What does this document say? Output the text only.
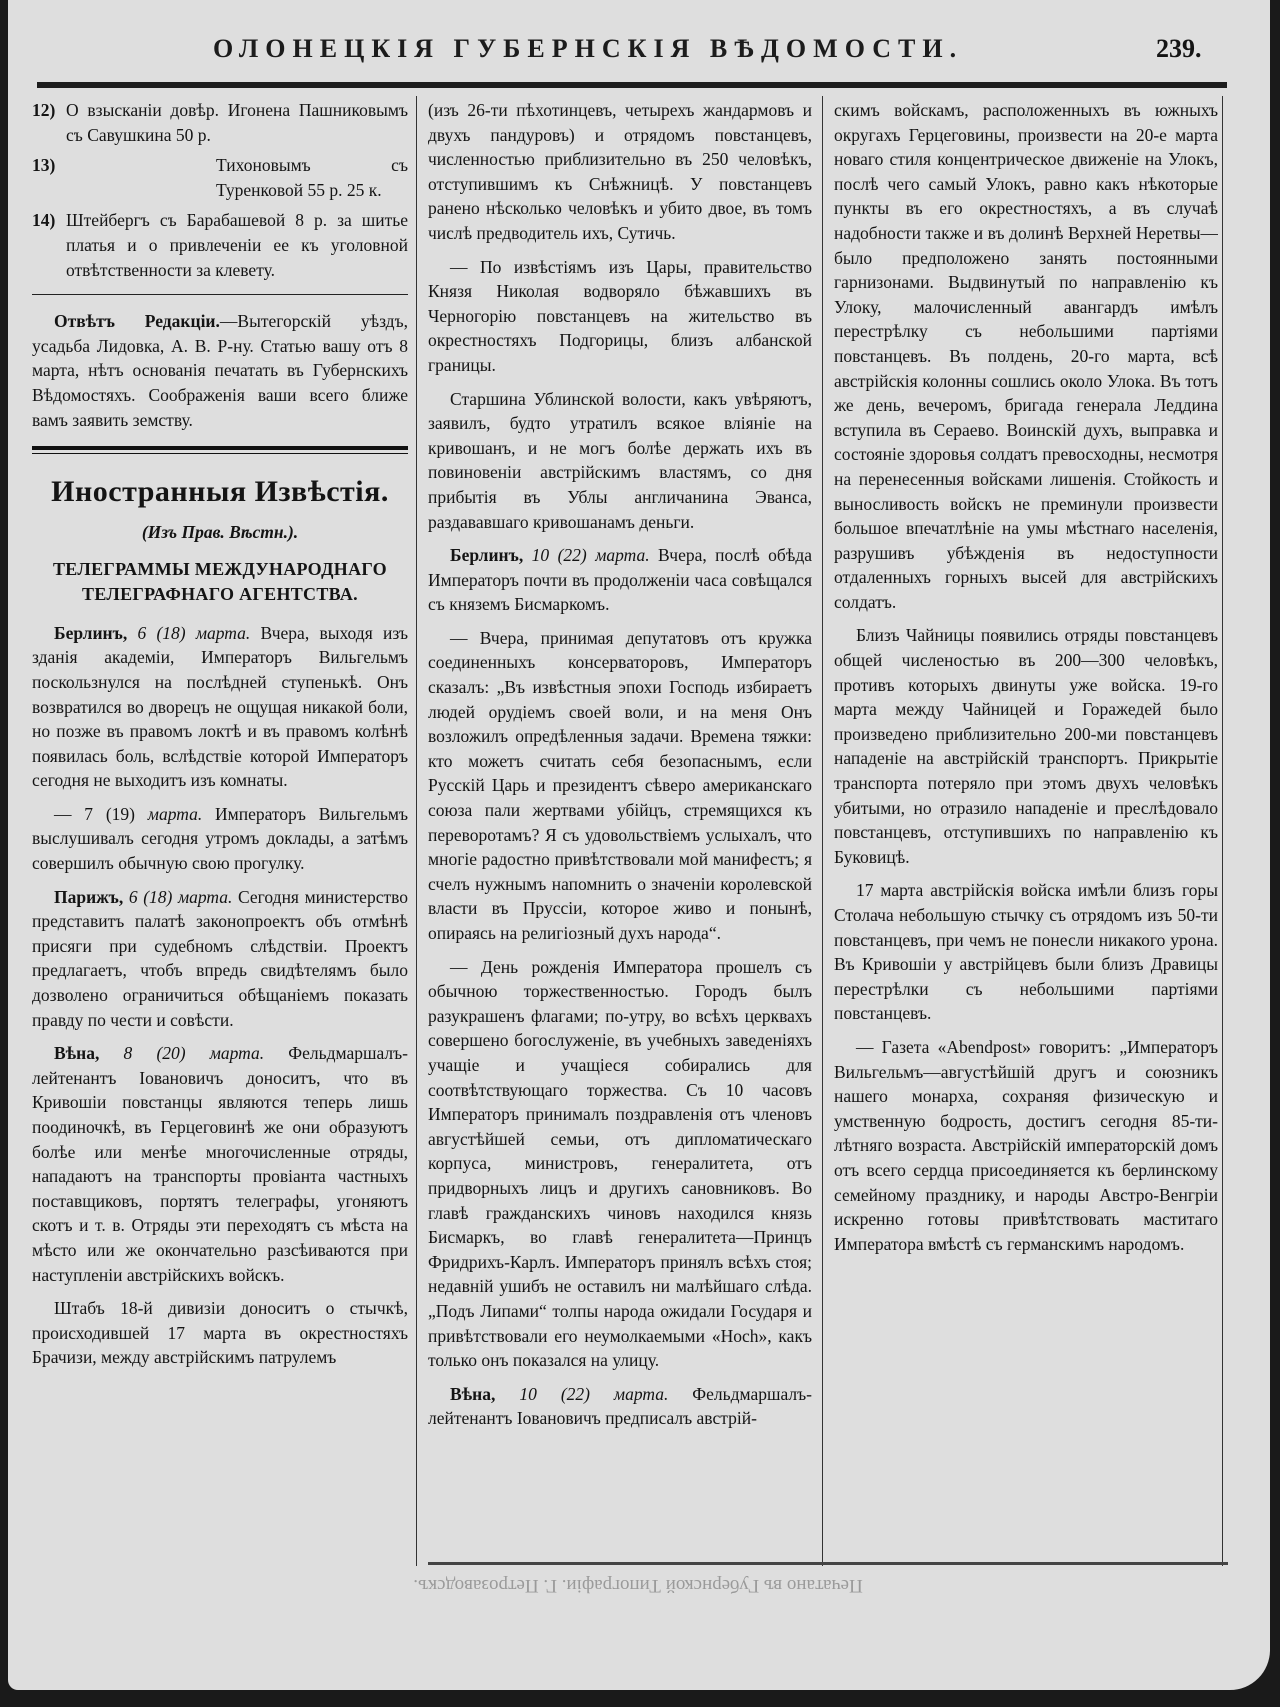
ОЛОНЕЦКІЯ ГУБЕРНСКІЯ ВѢДОМОСТИ.	239.
12) О взысканіи довѣр. Игонена Пашниковымъ съ Савушкина 50 р.
13)	Тихоновымъ съ Туренковой 55 р. 25 к.
14) Штейбергъ съ Барабашевой 8 р. за шитье платья и о привлеченіи ее къ уголовной отвѣтственности за клевету.

Отвѣтъ Редакціи.—Вытегорскій уѣздъ, усадьба Лидовка, А. В. Р-ну. Статью вашу отъ 8 марта, нѣтъ основанія печатать въ Губернскихъ Вѣдомостяхъ. Соображенія ваши всего ближе вамъ заявить земству.

Иностранныя Извѣстія.
(Изъ Прав. Вѣстн.).
ТЕЛЕГРАММЫ МЕЖДУНАРОДНАГО ТЕЛЕГРАФНАГО АГЕНТСТВА.

Берлинъ, 6 (18) марта. Вчера, выходя изъ зданія академіи, Императоръ Вильгельмъ поскользнулся на послѣдней ступенькѣ. Онъ возвратился во дворецъ не ощущая никакой боли, но позже въ правомъ локтѣ и въ правомъ колѣнѣ появилась боль, вслѣдствіе которой Императоръ сегодня не выходитъ изъ комнаты.

— 7 (19) марта. Императоръ Вильгельмъ выслушивалъ сегодня утромъ доклады, а затѣмъ совершилъ обычную свою прогулку.

Парижъ, 6 (18) марта. Сегодня министерство представитъ палатѣ законопроектъ объ отмѣнѣ присяги при судебномъ слѣдствіи. Проектъ предлагаетъ, чтобъ впредь свидѣтелямъ было дозволено ограничиться обѣщаніемъ показать правду по чести и совѣсти.

Вѣна, 8 (20) марта. Фельдмаршалъ-лейтенантъ Іовановичъ доноситъ, что въ Кривошіи повстанцы являются теперь лишь поодиночкѣ, въ Герцеговинѣ же они образуютъ болѣе или менѣе многочисленные отряды, нападаютъ на транспорты провіанта частныхъ поставщиковъ, портятъ телеграфы, угоняютъ скотъ и т. в. Отряды эти переходятъ съ мѣста на мѣсто или же окончательно разсѣиваются при наступленіи австрійскихъ войскъ.

Штабъ 18-й дивизіи доноситъ о стычкѣ, происходившей 17 марта въ окрестностяхъ Брачизи, между австрійскимъ патрулемъ

(изъ 26-ти пѣхотинцевъ, четырехъ жандармовъ и двухъ пандуровъ) и отрядомъ повстанцевъ, численностью приблизительно въ 250 человѣкъ, отступившимъ къ Снѣжницѣ. У повстанцевъ ранено нѣсколько человѣкъ и убито двое, въ томъ числѣ предводитель ихъ, Сутичь.

— По извѣстіямъ изъ Цары, правительство Князя Николая водворяло бѣжавшихъ въ Черногорію повстанцевъ на жительство въ окрестностяхъ Подгорицы, близъ албанской границы.

Старшина Ублинской волости, какъ увѣряютъ, заявилъ, будто утратилъ всякое вліяніе на кривошанъ, и не могъ болѣе держать ихъ въ повиновеніи австрійскимъ властямъ, со дня прибытія въ Ублы англичанина Эванса, раздававшаго кривошанамъ деньги.

Берлинъ, 10 (22) марта. Вчера, послѣ обѣда Императоръ почти въ продолженіи часа совѣщался съ княземъ Бисмаркомъ.

— Вчера, принимая депутатовъ отъ кружка соединенныхъ консерваторовъ, Императоръ сказалъ: „Въ извѣстныя эпохи Господь избираетъ людей орудіемъ своей воли, и на меня Онъ возложилъ опредѣленныя задачи. Времена тяжки: кто можетъ считать себя безопаснымъ, если Русскій Царь и президентъ сѣверо американскаго союза пали жертвами убійцъ, стремящихся къ переворотамъ? Я съ удовольствіемъ услыхалъ, что многіе радостно привѣтствовали мой манифестъ; я счелъ нужнымъ напомнить о значеніи королевской власти въ Пруссіи, которое живо и понынѣ, опираясь на религіозный духъ народа“.

— День рожденія Императора прошелъ съ обычною торжественностью. Городъ былъ разукрашенъ флагами; по-утру, во всѣхъ церквахъ совершено богослуженіе, въ учебныхъ заведеніяхъ учащіе и учащіеся собирались для соотвѣтствующаго торжества. Съ 10 часовъ Императоръ принималъ поздравленія отъ членовъ августѣйшей семьи, отъ дипломатическаго корпуса, министровъ, генералитета, отъ придворныхъ лицъ и другихъ сановниковъ. Во главѣ гражданскихъ чиновъ находился князь Бисмаркъ, во главѣ генералитета—Принцъ Фридрихъ-Карлъ. Императоръ принялъ всѣхъ стоя; недавній ушибъ не оставилъ ни малѣйшаго слѣда. „Подъ Липами“ толпы народа ожидали Государя и привѣтствовали его неумолкаемыми «Hoch», какъ только онъ показался на улицу.

Вѣна, 10 (22) марта. Фельдмаршалъ-лейтенантъ Іовановичъ предписалъ австрій-

скимъ войскамъ, расположенныхъ въ южныхъ округахъ Герцеговины, произвести на 20-е марта новаго стиля концентрическое движеніе на Улокъ, послѣ чего самый Улокъ, равно какъ нѣкоторые пункты въ его окрестностяхъ, а въ случаѣ надобности также и въ долинѣ Верхней Неретвы—было предположено занять постоянными гарнизонами. Выдвинутый по направленію къ Улоку, малочисленный авангардъ имѣлъ перестрѣлку съ небольшими партіями повстанцевъ. Въ полдень, 20-го марта, всѣ австрійскія колонны сошлись около Улока. Въ тотъ же день, вечеромъ, бригада генерала Леддина вступила въ Сераево. Воинскій духъ, выправка и состояніе здоровья солдатъ превосходны, несмотря на перенесенныя войсками лишенія. Стойкость и выносливость войскъ не преминули произвести большое впечатлѣніе на умы мѣстнаго населенія, разрушивъ убѣжденія въ недоступности отдаленныхъ горныхъ высей для австрійскихъ солдатъ.

Близъ Чайницы появились отряды повстанцевъ общей численостью въ 200—300 человѣкъ, противъ которыхъ двинуты уже войска. 19-го марта между Чайницей и Горажедей было произведено приблизительно 200-ми повстанцевъ нападеніе на австрійскій транспортъ. Прикрытіе транспорта потеряло при этомъ двухъ человѣкъ убитыми, но отразило нападеніе и преслѣдовало повстанцевъ, отступившихъ по направленію къ Буковицѣ.

17 марта австрійскія войска имѣли близъ горы Столача небольшую стычку съ отрядомъ изъ 50-ти повстанцевъ, при чемъ не понесли никакого урона. Въ Кривошіи у австрійцевъ были близъ Дравицы перестрѣлки съ небольшими партіями повстанцевъ.

— Газета «Abendpost» говоритъ: „Императоръ Вильгельмъ—августѣйшій другъ и союзникъ нашего монарха, сохраняя физическую и умственную бодрость, достигъ сегодня 85-ти-лѣтняго возраста. Австрійскій императорскій домъ отъ всего сердца присоединяется къ берлинскому семейному празднику, и народы Австро-Венгріи искренно готовы привѣтствовать маститаго Императора вмѣстѣ съ германскимъ народомъ.

Печатано въ Губернской Типографіи. Г. Петрозаводскъ.
